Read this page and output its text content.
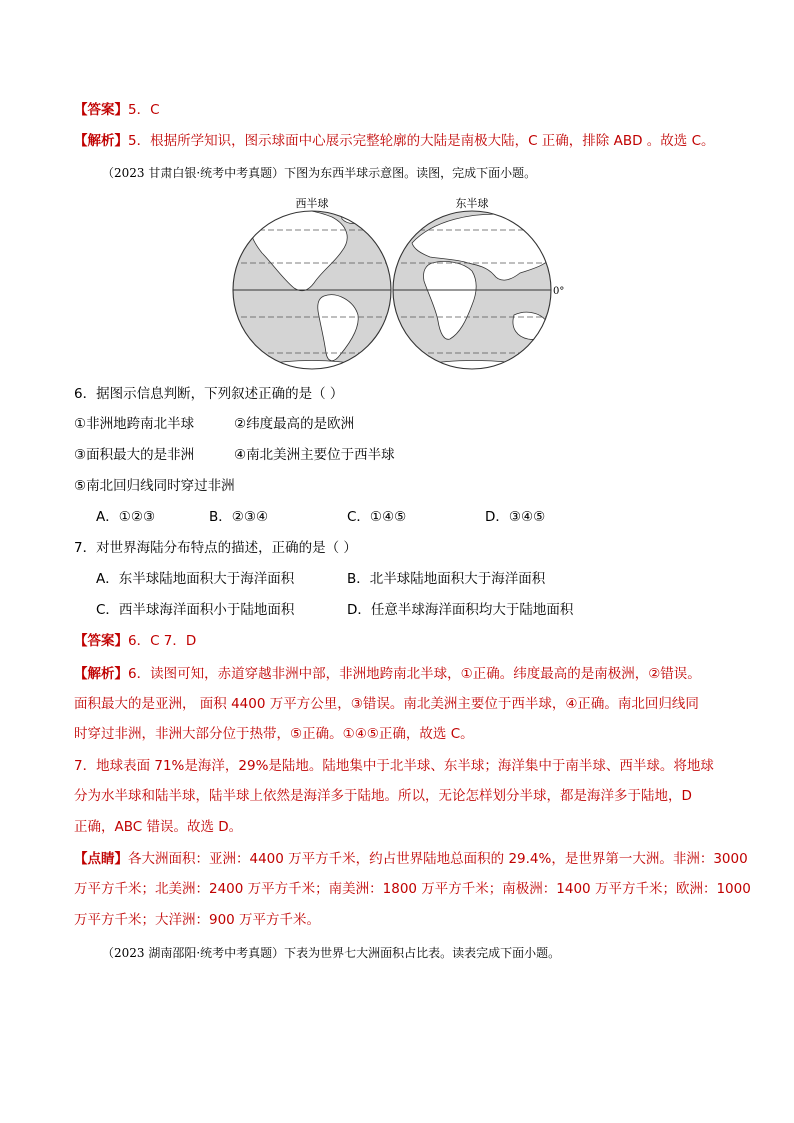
【答案】5．C
【解析】5．根据所学知识，图示球面中心展示完整轮廓的大陆是南极大陆，C 正确，排除 ABD 。故选 C。
（2023 甘肃白银·统考中考真题）下图为东西半球示意图。读图，完成下面小题。
西半球	东半球
0°
6．据图示信息判断，下列叙述正确的是（ ）
①非洲地跨南北半球	②纬度最高的是欧洲
③面积最大的是非洲	④南北美洲主要位于西半球
⑤南北回归线同时穿过非洲
A．①②③	B．②③④	C．①④⑤	D．③④⑤
7．对世界海陆分布特点的描述，正确的是（ ）
A．东半球陆地面积大于海洋面积	B．北半球陆地面积大于海洋面积
C．西半球海洋面积小于陆地面积	D．任意半球海洋面积均大于陆地面积
【答案】6．C 7．D
【解析】6．读图可知，赤道穿越非洲中部，非洲地跨南北半球，①正确。纬度最高的是南极洲，②错误。
面积最大的是亚洲， 面积 4400 万平方公里，③错误。南北美洲主要位于西半球，④正确。南北回归线同
时穿过非洲，非洲大部分位于热带，⑤正确。①④⑤正确，故选 C。
7．地球表面 71%是海洋，29%是陆地。陆地集中于北半球、东半球；海洋集中于南半球、西半球。将地球
分为水半球和陆半球，陆半球上依然是海洋多于陆地。所以，无论怎样划分半球，都是海洋多于陆地，D
正确，ABC 错误。故选 D。
【点睛】各大洲面积：亚洲：4400 万平方千米，约占世界陆地总面积的 29.4%，是世界第一大洲。非洲：3000
万平方千米；北美洲：2400 万平方千米；南美洲：1800 万平方千米；南极洲：1400 万平方千米；欧洲：1000
万平方千米；大洋洲：900 万平方千米。
（2023 湖南邵阳·统考中考真题）下表为世界七大洲面积占比表。读表完成下面小题。
